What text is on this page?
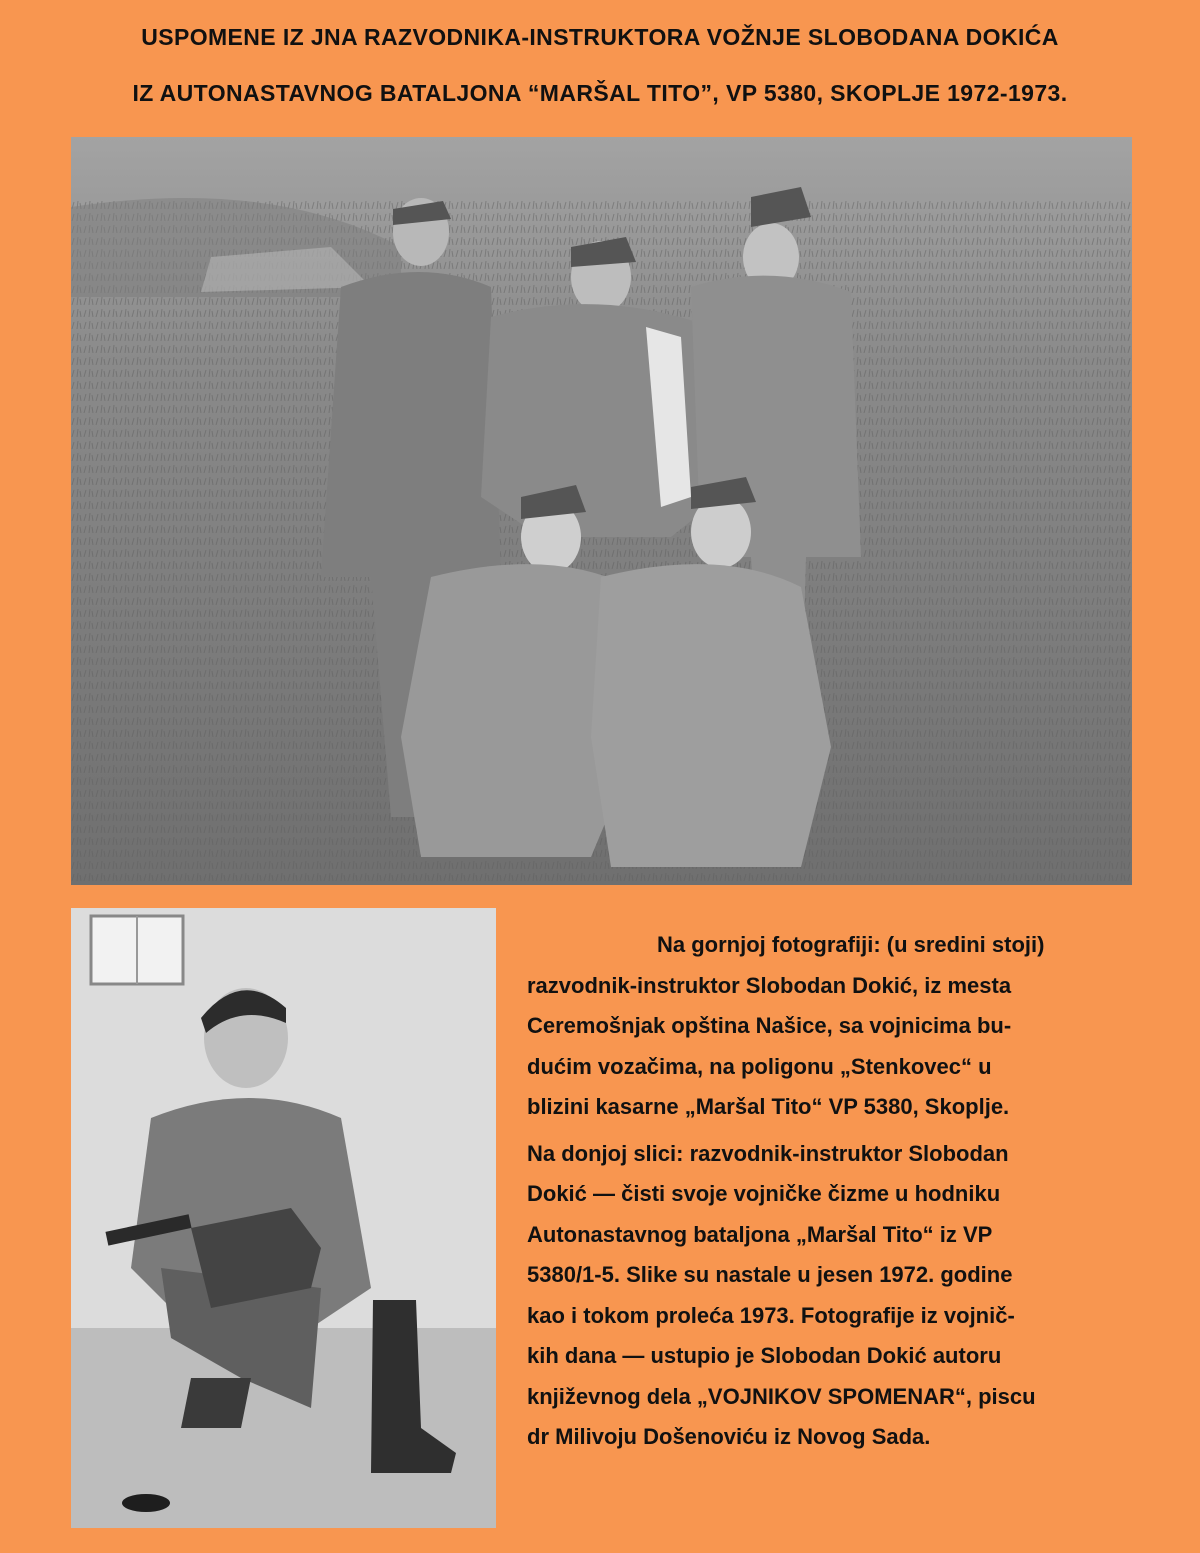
USPOMENE IZ JNA RAZVODNIKA-INSTRUKTORA VOŽNJE SLOBODANA DOKIĆA
IZ AUTONASTAVNOG BATALJONA “MARŠAL TITO”, VP 5380, SKOPLJE 1972-1973.
Na gornjoj fotografiji: (u sredini stoji)
razvodnik-instruktor Slobodan Dokić, iz mesta
Ceremošnjak opština Našice, sa vojnicima bu-
dućim vozačima, na poligonu „Stenkovec“ u
blizini kasarne „Maršal Tito“ VP 5380, Skoplje.
Na donjoj slici: razvodnik-instruktor Slobodan
Dokić — čisti svoje vojničke čizme u hodniku
Autonastavnog bataljona „Maršal Tito“ iz VP
5380/1-5. Slike su nastale u jesen 1972. godine
kao i tokom proleća 1973. Fotografije iz vojnič-
kih dana — ustupio je Slobodan Dokić autoru
književnog dela „VOJNIKOV SPOMENAR“, piscu
dr Milivoju Došenoviću iz Novog Sada.
